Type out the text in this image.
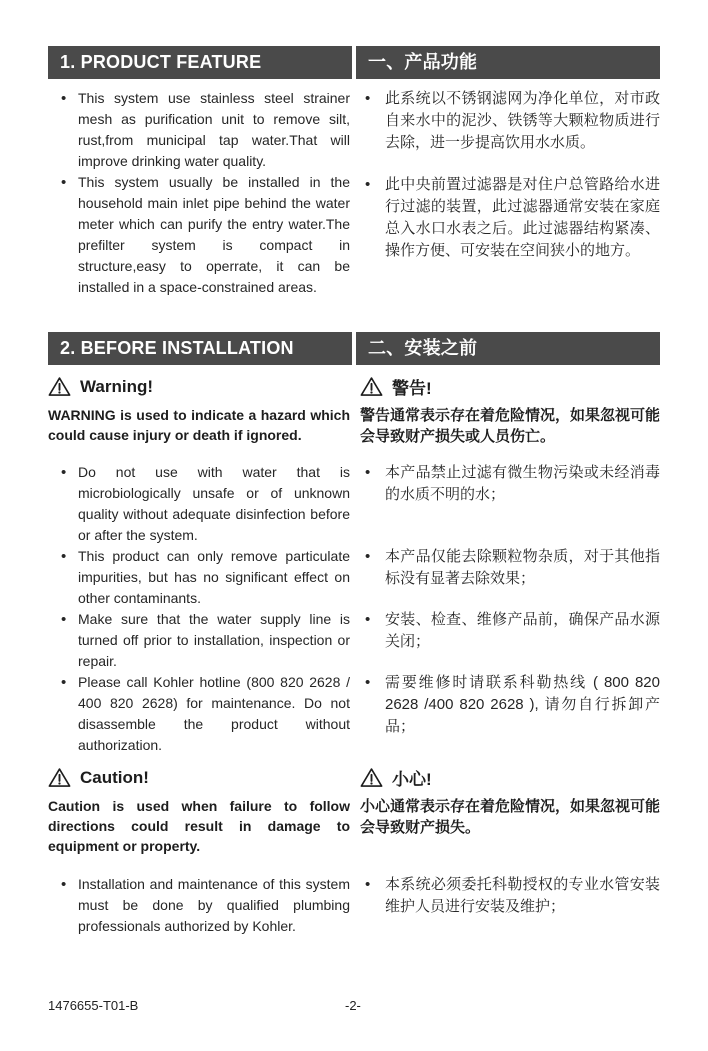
1. PRODUCT FEATURE	一、产品功能
• This system use stainless steel strainer mesh as purification unit to remove silt, rust,from municipal tap water.That will improve drinking water quality.
• This system usually be installed in the household main inlet pipe behind the water meter which can purify the entry water.The prefilter system is compact in structure,easy to operrate, it can be installed in a space-constrained areas.
• 此系统以不锈钢滤网为净化单位，对市政自来水中的泥沙、铁锈等大颗粒物质进行去除，进一步提高饮用水水质。
• 此中央前置过滤器是对住户总管路给水进行过滤的装置，此过滤器通常安装在家庭总入水口水表之后。此过滤器结构紧凑、操作方便、可安装在空间狭小的地方。
2. BEFORE INSTALLATION	二、安装之前
Warning!	警告!

WARNING is used to indicate a hazard which could cause injury or death if ignored.

警告通常表示存在着危险情况，如果忽视可能会导致财产损失或人员伤亡。

• Do not use with water that is microbiologically unsafe or of unknown quality without adequate disinfection before or after the system.
• This product can only remove particulate impurities, but has no significant effect on other contaminants.
• Make sure that the water supply line is turned off prior to installation, inspection or repair.
• Please call Kohler hotline (800 820 2628 / 400 820 2628) for maintenance. Do not disassemble the product without authorization.
• 本产品禁止过滤有微生物污染或未经消毒的水质不明的水；
• 本产品仅能去除颗粒物杂质，对于其他指标没有显著去除效果；
• 安装、检查、维修产品前，确保产品水源关闭；
• 需要维修时请联系科勒热线 ( 800 820 2628 /400 820 2628 ), 请勿自行拆卸产品；
Caution!	小心!

Caution is used when failure to follow directions could result in damage to equipment or property.

小心通常表示存在着危险情况，如果忽视可能会导致财产损失。

• Installation and maintenance of this system must be done by qualified plumbing professionals authorized by Kohler.
• 本系统必须委托科勒授权的专业水管安装维护人员进行安装及维护；
1476655-T01-B	-2-
